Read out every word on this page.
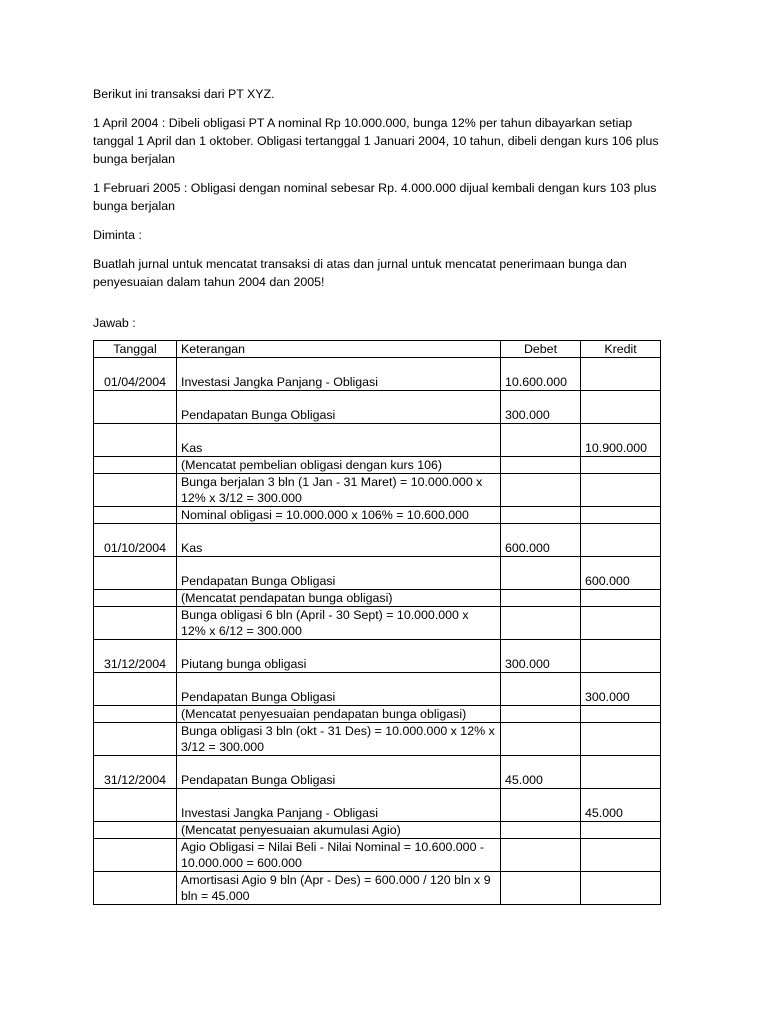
Berikut ini transaksi dari PT XYZ.

1 April 2004 : Dibeli obligasi PT A nominal Rp 10.000.000, bunga 12% per tahun dibayarkan setiap tanggal 1 April dan 1 oktober. Obligasi tertanggal 1 Januari 2004, 10 tahun, dibeli dengan kurs 106 plus bunga berjalan

1 Februari 2005 : Obligasi dengan nominal sebesar Rp. 4.000.000 dijual kembali dengan kurs 103 plus bunga berjalan

Diminta :

Buatlah jurnal untuk mencatat transaksi di atas dan jurnal untuk mencatat penerimaan bunga dan penyesuaian dalam tahun 2004 dan 2005!

Jawab :

Tanggal	Keterangan	Debet	Kredit
01/04/2004	Investasi Jangka Panjang - Obligasi	10.600.000	
	Pendapatan Bunga Obligasi	300.000	
	Kas		10.900.000
	(Mencatat pembelian obligasi dengan kurs 106)		
	Bunga berjalan 3 bln (1 Jan - 31 Maret) = 10.000.000 x 12% x 3/12 = 300.000		
	Nominal obligasi = 10.000.000 x 106% = 10.600.000		
01/10/2004	Kas	600.000	
	Pendapatan Bunga Obligasi		600.000
	(Mencatat pendapatan bunga obligasi)		
	Bunga obligasi 6 bln (April - 30 Sept) = 10.000.000 x 12% x 6/12 = 300.000		
31/12/2004	Piutang bunga obligasi	300.000	
	Pendapatan Bunga Obligasi		300.000
	(Mencatat penyesuaian pendapatan bunga obligasi)		
	Bunga obligasi 3 bln (okt - 31 Des) = 10.000.000 x 12% x 3/12 = 300.000		
31/12/2004	Pendapatan Bunga Obligasi	45.000	
	Investasi Jangka Panjang - Obligasi		45.000
	(Mencatat penyesuaian akumulasi Agio)		
	Agio Obligasi = Nilai Beli - Nilai Nominal = 10.600.000 - 10.000.000 = 600.000		
	Amortisasi Agio 9 bln (Apr - Des) = 600.000 / 120 bln x 9 bln = 45.000		
